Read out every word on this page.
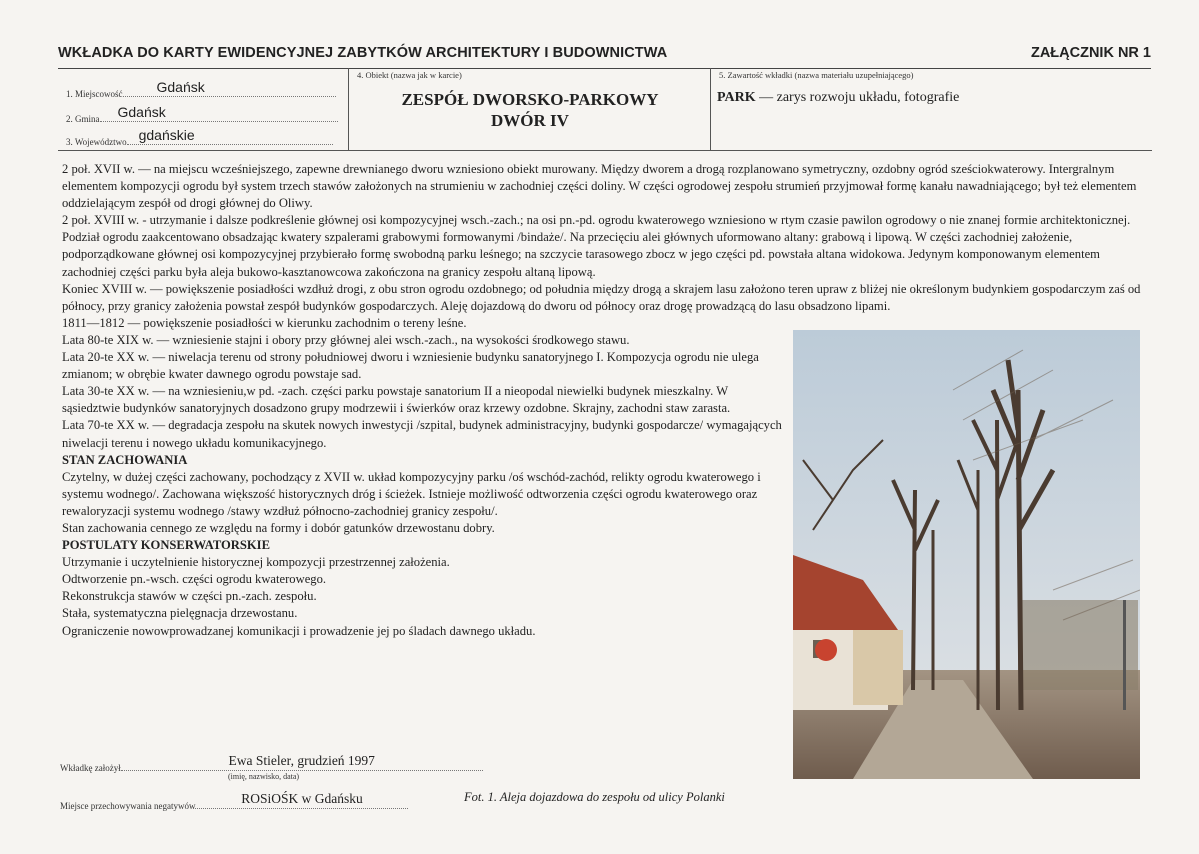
WKŁADKA DO KARTY EWIDENCYJNEJ ZABYTKÓW ARCHITEKTURY I BUDOWNICTWA	ZAŁĄCZNIK NR 1
1. Miejscowość Gdańsk
2. Gmina Gdańsk
3. Województwo gdańskie
4. Obiekt (nazwa jak w karcie)
ZESPÓŁ DWORSKO-PARKOWY
DWÓR IV
5. Zawartość wkładki (nazwa materiału uzupełniającego)
PARK — zarys rozwoju układu, fotografie

2 poł. XVII w. — na miejscu wcześniejszego, zapewne drewnianego dworu wzniesiono obiekt murowany. Między dworem a drogą rozplanowano symetryczny, ozdobny ogród sześciokwaterowy. Intergralnym elementem kompozycji ogrodu był system trzech stawów założonych na strumieniu w zachodniej części doliny. W części ogrodowej zespołu strumień przyjmował formę kanału nawadniającego; był też elementem oddzielającym zespół od drogi głównej do Oliwy.

2 poł. XVIII w. - utrzymanie i dalsze podkreślenie głównej osi kompozycyjnej wsch.-zach.; na osi pn.-pd. ogrodu kwaterowego wzniesiono w rtym czasie pawilon ogrodowy o nie znanej formie architektonicznej. Podział ogrodu zaakcentowano obsadzając kwatery szpalerami grabowymi formowanymi /bindaże/. Na przecięciu alei głównych uformowano altany: grabową i lipową. W części zachodniej założenie, podporządkowane głównej osi kompozycyjnej przybierało formę swobodną parku leśnego; na szczycie tarasowego zbocz w jego części pd. powstała altana widokowa. Jedynym komponowanym elementem zachodniej części parku była aleja bukowo-kasztanowcowa zakończona na granicy zespołu altaną lipową.

Koniec XVIII w. — powiększenie posiadłości wzdłuż drogi, z obu stron ogrodu ozdobnego; od południa między drogą a skrajem lasu założono teren upraw z bliżej nie określonym budynkiem gospodarczym zaś od północy, przy granicy założenia powstał zespół budynków gospodarczych. Aleję dojazdową do dworu od północy oraz drogę prowadzącą do lasu obsadzono lipami.

1811—1812 — powiększenie posiadłości w kierunku zachodnim o tereny leśne.

Lata 80-te XIX w. — wzniesienie stajni i obory przy głównej alei wsch.-zach., na wysokości środkowego stawu.

Lata 20-te XX w. — niwelacja terenu od strony południowej dworu i wzniesienie budynku sanatoryjnego I. Kompozycja ogrodu nie ulega zmianom; w obrębie kwater dawnego ogrodu powstaje sad.

Lata 30-te XX w. — na wzniesieniu,w pd. -zach. części parku powstaje sanatorium II a nieopodal niewielki budynek mieszkalny. W sąsiedztwie budynków sanatoryjnych dosadzono grupy modrzewii i świerków oraz krzewy ozdobne. Skrajny, zachodni staw zarasta.

Lata 70-te XX w. — degradacja zespołu na skutek nowych inwestycji /szpital, budynek administracyjny, budynki gospodarcze/ wymagających niwelacji terenu i nowego układu komunikacyjnego.

STAN ZACHOWANIA

Czytelny, w dużej części zachowany, pochodzący z XVII w. układ kompozycyjny parku /oś wschód-zachód, relikty ogrodu kwaterowego i systemu wodnego/. Zachowana większość historycznych dróg i ścieżek. Istnieje możliwość odtworzenia części ogrodu kwaterowego oraz rewaloryzacji systemu wodnego /stawy wzdłuż północno-zachodniej granicy zespołu/.

Stan zachowania cennego ze względu na formy i dobór gatunków drzewostanu dobry.

POSTULATY KONSERWATORSKIE

Utrzymanie i uczytelnienie historycznej kompozycji przestrzennej założenia.

Odtworzenie pn.-wsch. części ogrodu kwaterowego.

Rekonstrukcja stawów w części pn.-zach. zespołu.

Stała, systematyczna pielęgnacja drzewostanu.

Ograniczenie nowowprowadzanej komunikacji i prowadzenie jej po śladach dawnego układu.

Wkładkę założył	Ewa Stieler, grudzień 1997
(imię, nazwisko, data)
Miejsce przechowywania negatywów	ROSiOŚK w Gdańsku	Fot. 1. Aleja dojazdowa do zespołu od ulicy Polanki
